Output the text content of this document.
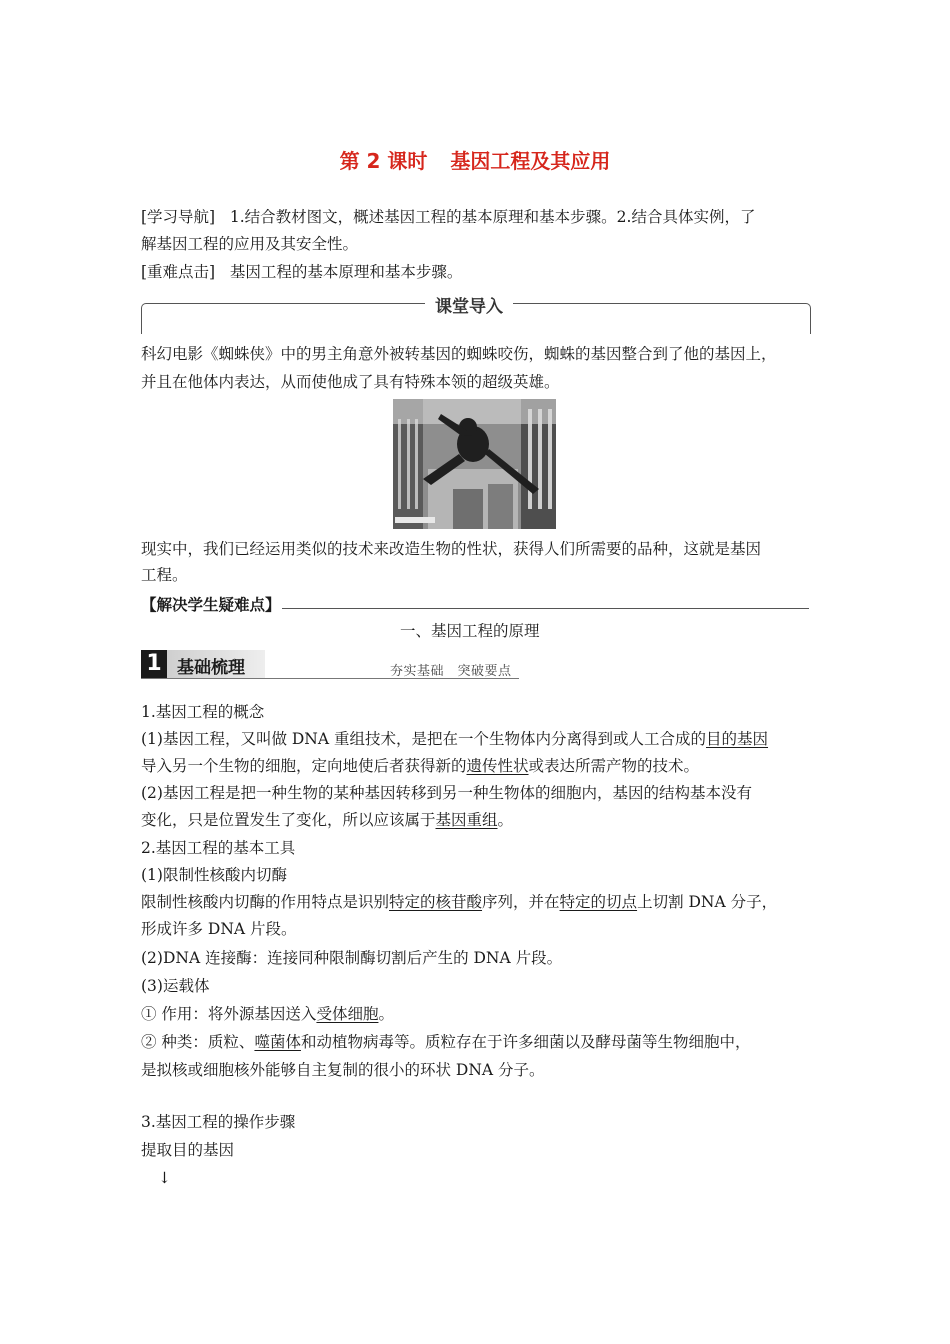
第 2 课时 基因工程及其应用
[学习导航] 1.结合教材图文，概述基因工程的基本原理和基本步骤。2.结合具体实例，了
解基因工程的应用及其安全性。
[重难点击] 基因工程的基本原理和基本步骤。
课堂导入
科幻电影《蜘蛛侠》中的男主角意外被转基因的蜘蛛咬伤，蜘蛛的基因整合到了他的基因上，
并且在他体内表达，从而使他成了具有特殊本领的超级英雄。
现实中，我们已经运用类似的技术来改造生物的性状，获得人们所需要的品种，这就是基因
工程。
【解决学生疑难点】
一、基因工程的原理
1 基础梳理	夯实基础　突破要点
1.基因工程的概念
(1)基因工程，又叫做 DNA 重组技术，是把在一个生物体内分离得到或人工合成的目的基因
导入另一个生物的细胞，定向地使后者获得新的遗传性状或表达所需产物的技术。
(2)基因工程是把一种生物的某种基因转移到另一种生物体的细胞内，基因的结构基本没有
变化，只是位置发生了变化，所以应该属于基因重组。
2.基因工程的基本工具
(1)限制性核酸内切酶
限制性核酸内切酶的作用特点是识别特定的核苷酸序列，并在特定的切点上切割 DNA 分子，
形成许多 DNA 片段。
(2)DNA 连接酶：连接同种限制酶切割后产生的 DNA 片段。
(3)运载体
① 作用：将外源基因送入受体细胞。
② 种类：质粒、噬菌体和动植物病毒等。质粒存在于许多细菌以及酵母菌等生物细胞中，
是拟核或细胞核外能够自主复制的很小的环状 DNA 分子。
3.基因工程的操作步骤
提取目的基因
↓
